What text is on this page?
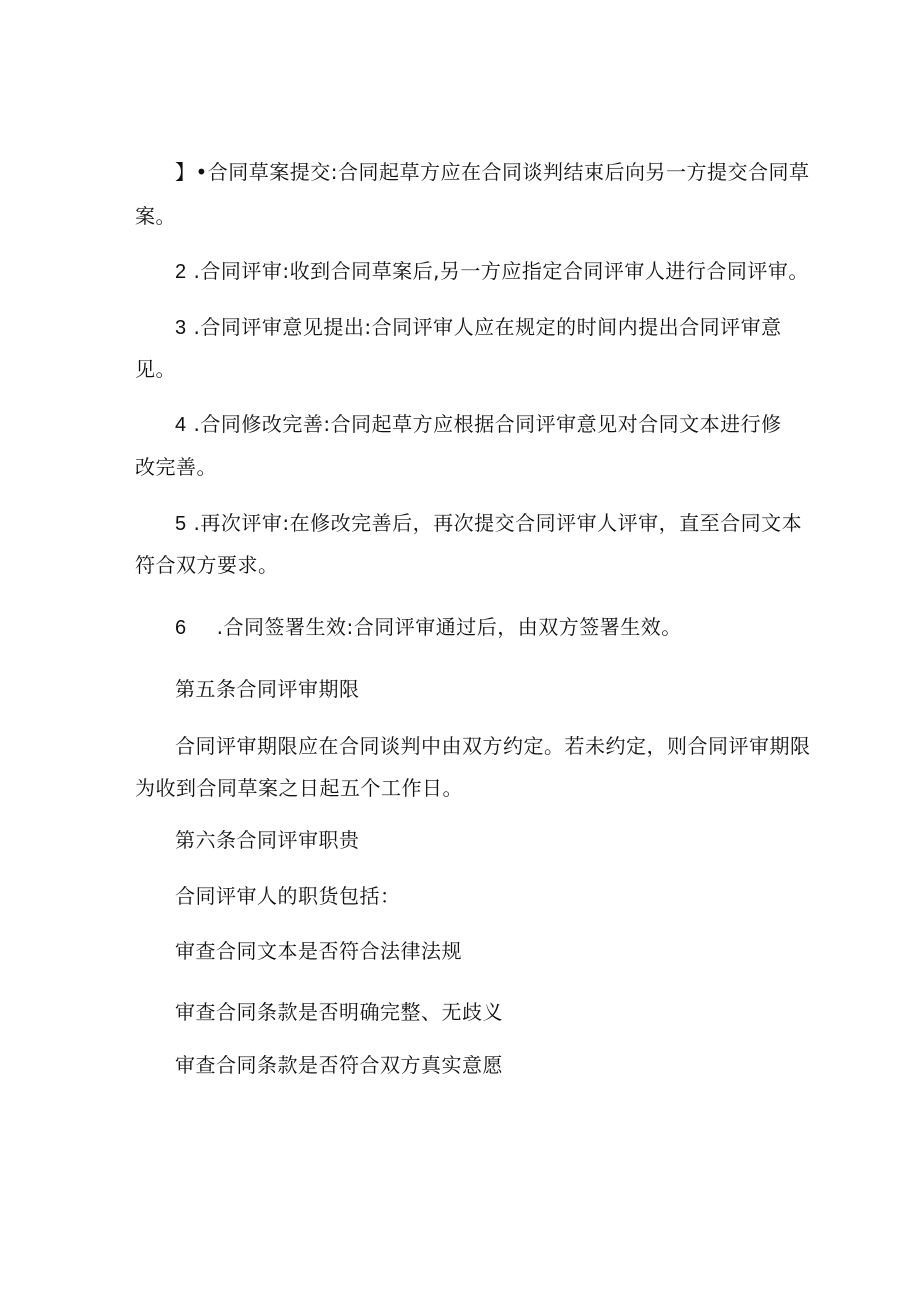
】•合同草案提交:合同起草方应在合同谈判结束后向另一方提交合同草
案。
2 .合同评审:收到合同草案后,另一方应指定合同评审人进行合同评审。
3 .合同评审意见提出:合同评审人应在规定的时间内提出合同评审意
见。
4 .合同修改完善:合同起草方应根据合同评审意见对合同文本进行修
改完善。
5 .再次评审:在修改完善后，再次提交合同评审人评审，直至合同文本
符合双方要求。
6 .合同签署生效:合同评审通过后，由双方签署生效。
第五条合同评审期限
合同评审期限应在合同谈判中由双方约定。若未约定，则合同评审期限
为收到合同草案之日起五个工作日。
第六条合同评审职贵
合同评审人的职货包括：
审查合同文本是否符合法律法规
审查合同条款是否明确完整、无歧义
审查合同条款是否符合双方真实意愿
